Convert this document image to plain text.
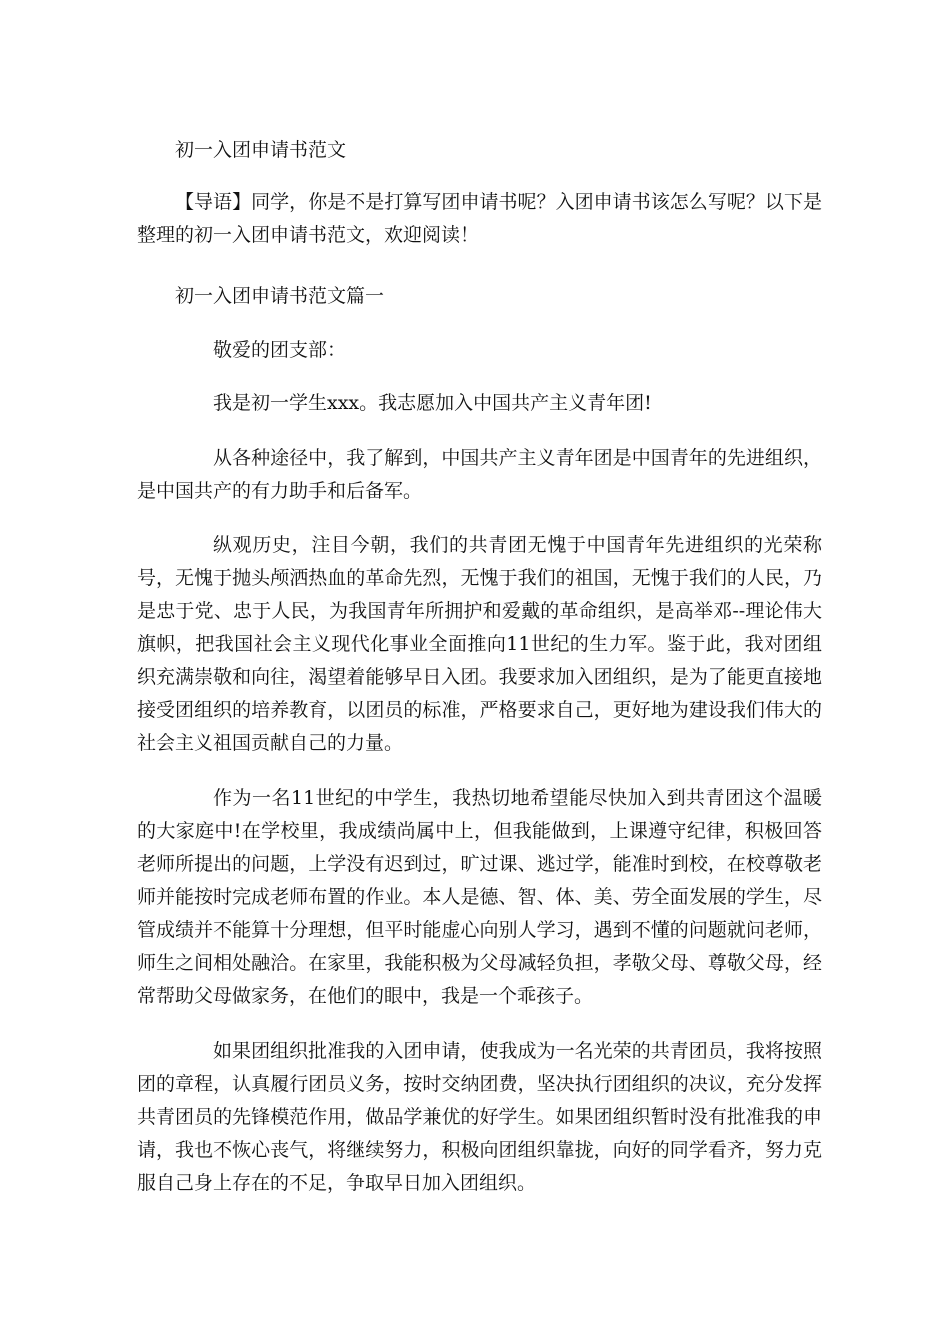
初一入团申请书范文

【导语】同学，你是不是打算写团申请书呢？入团申请书该怎么写呢？以下是整理的初一入团申请书范文，欢迎阅读！

初一入团申请书范文篇一

敬爱的团支部：

我是初一学生xxx。我志愿加入中国共产主义青年团!

从各种途径中，我了解到，中国共产主义青年团是中国青年的先进组织，是中国共产的有力助手和后备军。

纵观历史，注目今朝，我们的共青团无愧于中国青年先进组织的光荣称号，无愧于抛头颅洒热血的革命先烈，无愧于我们的祖国，无愧于我们的人民，乃是忠于党、忠于人民，为我国青年所拥护和爱戴的革命组织，是高举邓--理论伟大旗帜，把我国社会主义现代化事业全面推向11世纪的生力军。鉴于此，我对团组织充满崇敬和向往，渴望着能够早日入团。我要求加入团组织，是为了能更直接地接受团组织的培养教育，以团员的标准，严格要求自己，更好地为建设我们伟大的社会主义祖国贡献自己的力量。

作为一名11世纪的中学生，我热切地希望能尽快加入到共青团这个温暖的大家庭中!在学校里，我成绩尚属中上，但我能做到，上课遵守纪律，积极回答老师所提出的问题，上学没有迟到过，旷过课、逃过学，能准时到校，在校尊敬老师并能按时完成老师布置的作业。本人是德、智、体、美、劳全面发展的学生，尽管成绩并不能算十分理想，但平时能虚心向别人学习，遇到不懂的问题就问老师，师生之间相处融洽。在家里，我能积极为父母减轻负担，孝敬父母、尊敬父母，经常帮助父母做家务，在他们的眼中，我是一个乖孩子。

如果团组织批准我的入团申请，使我成为一名光荣的共青团员，我将按照团的章程，认真履行团员义务，按时交纳团费，坚决执行团组织的决议，充分发挥共青团员的先锋模范作用，做品学兼优的好学生。如果团组织暂时没有批准我的申请，我也不恢心丧气，将继续努力，积极向团组织靠拢，向好的同学看齐，努力克服自己身上存在的不足，争取早日加入团组织。
